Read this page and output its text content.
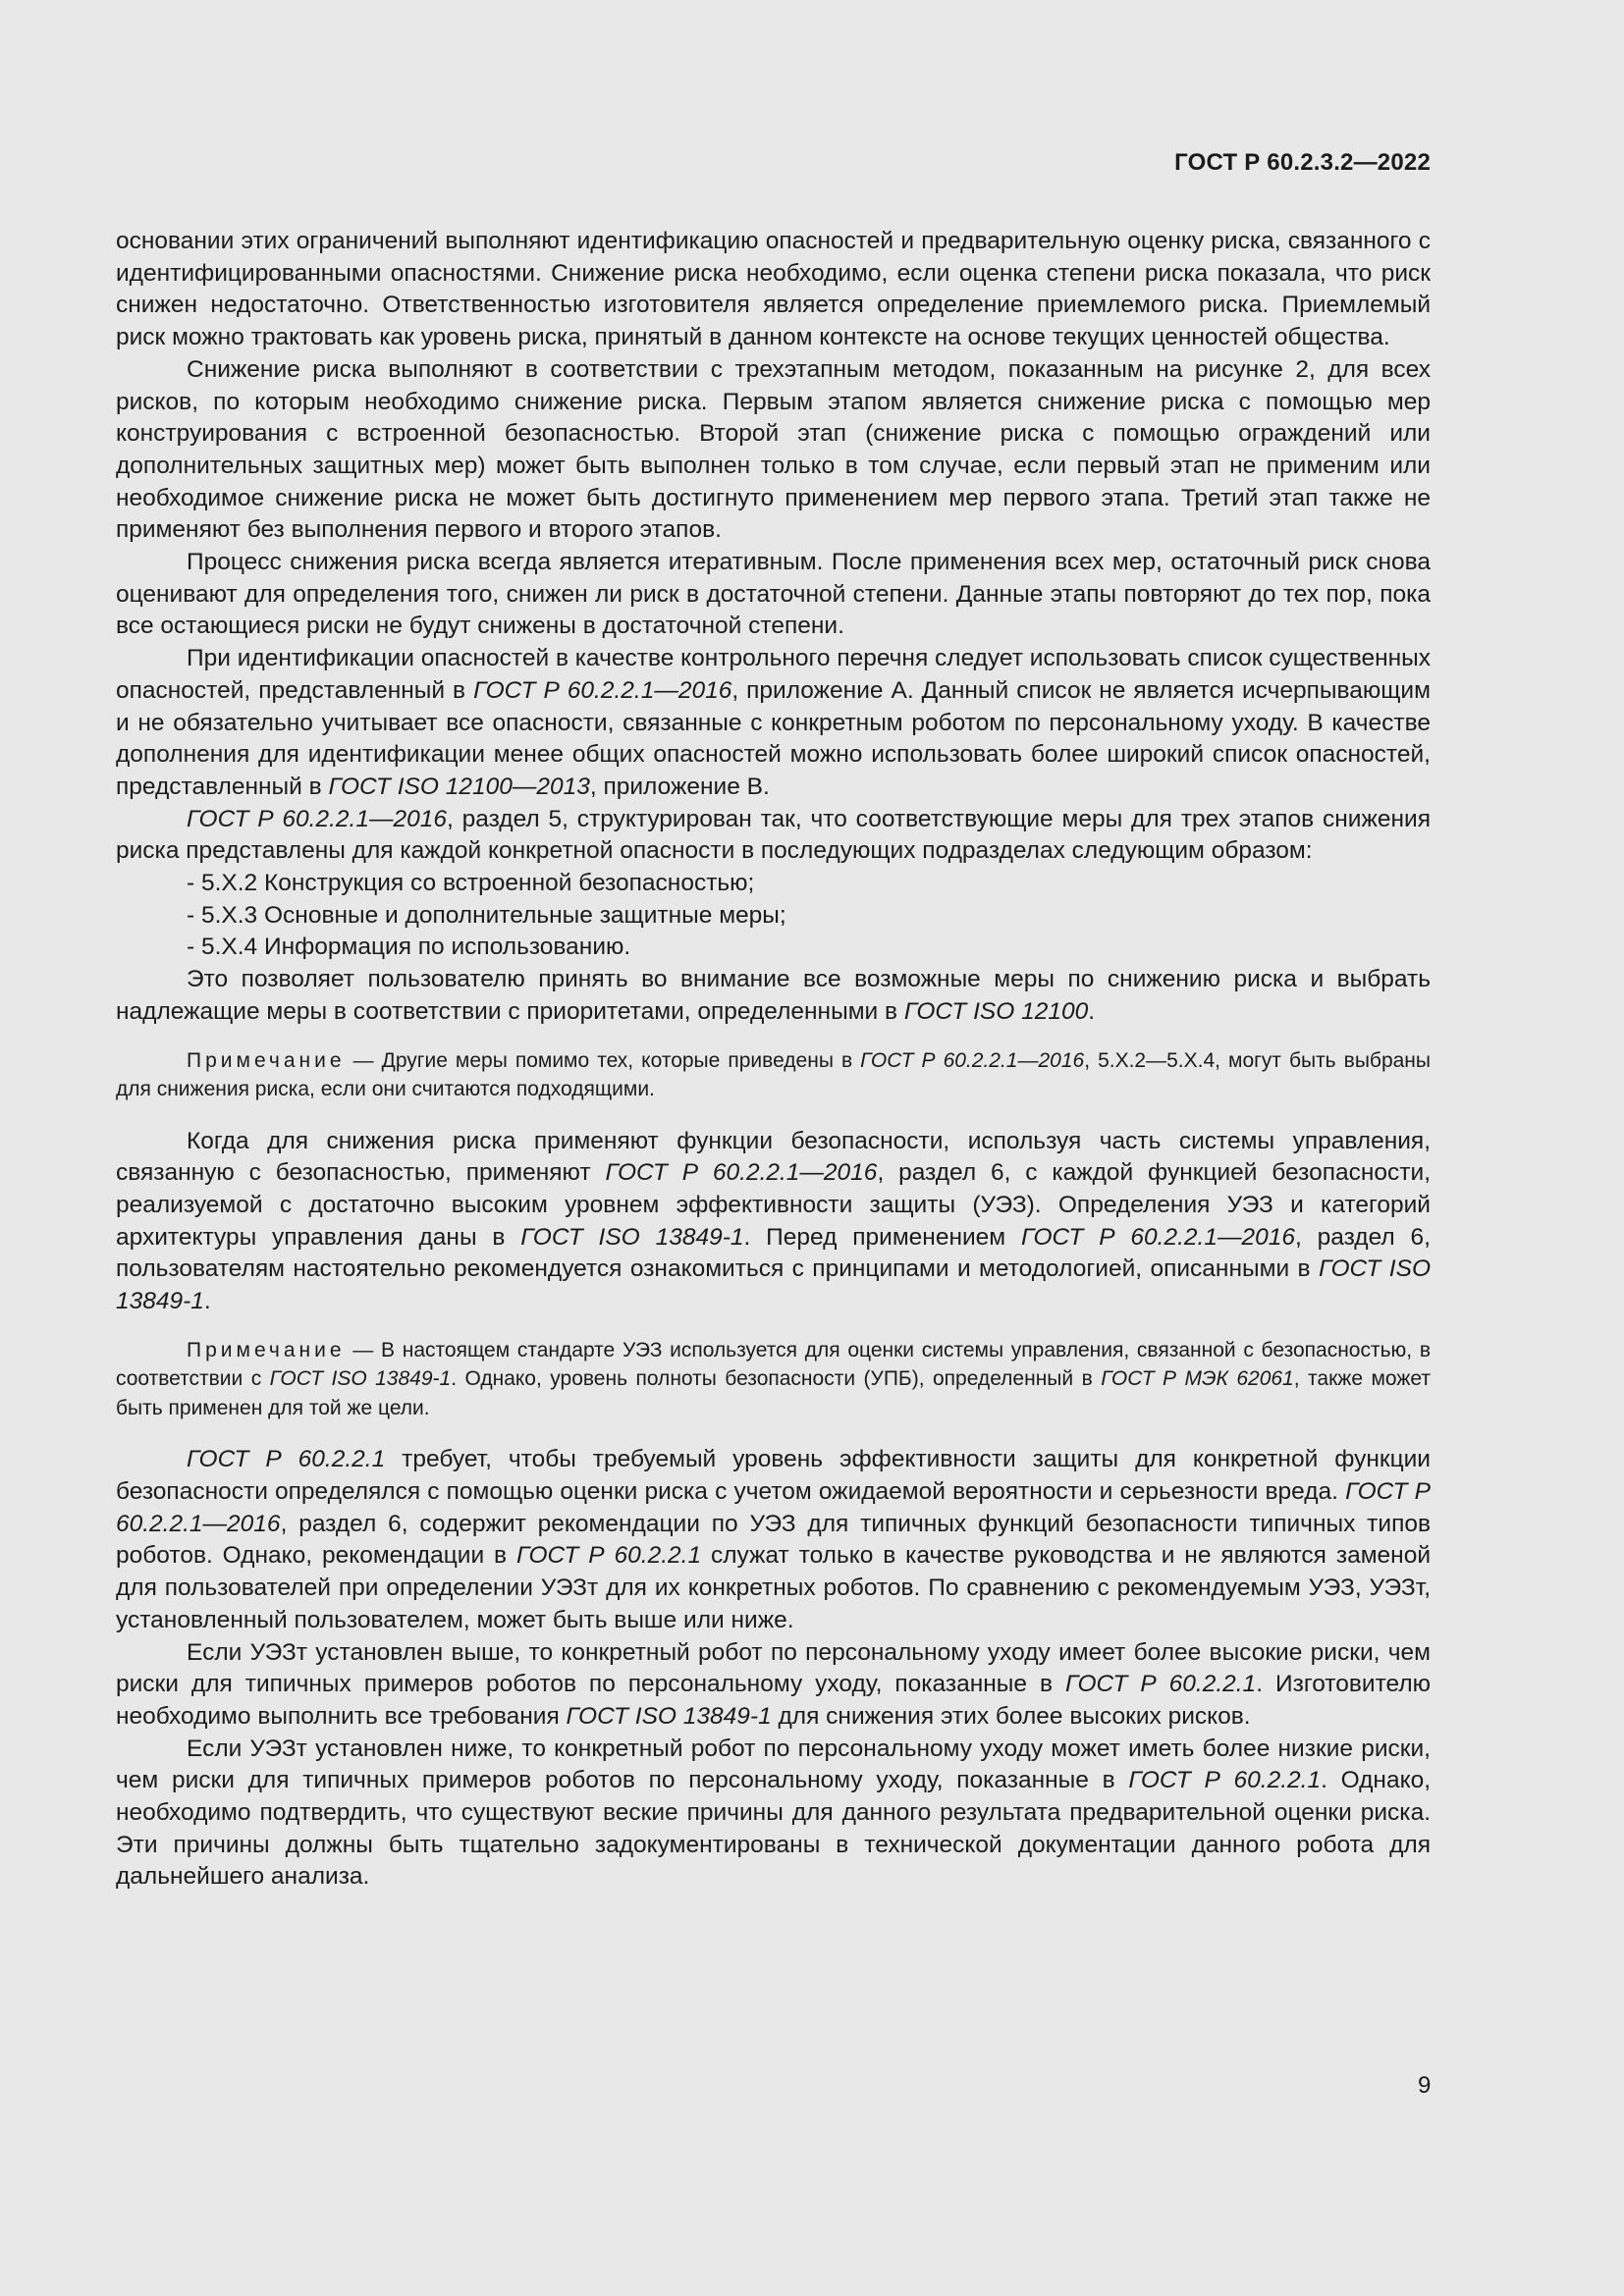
ГОСТ Р 60.2.3.2—2022

основании этих ограничений выполняют идентификацию опасностей и предварительную оценку риска, связанного с идентифицированными опасностями. Снижение риска необходимо, если оценка степени риска показала, что риск снижен недостаточно. Ответственностью изготовителя является определение приемлемого риска. Приемлемый риск можно трактовать как уровень риска, принятый в данном контексте на основе текущих ценностей общества.

Снижение риска выполняют в соответствии с трехэтапным методом, показанным на рисунке 2, для всех рисков, по которым необходимо снижение риска. Первым этапом является снижение риска с помощью мер конструирования с встроенной безопасностью. Второй этап (снижение риска с помощью ограждений или дополнительных защитных мер) может быть выполнен только в том случае, если первый этап не применим или необходимое снижение риска не может быть достигнуто применением мер первого этапа. Третий этап также не применяют без выполнения первого и второго этапов.

Процесс снижения риска всегда является итеративным. После применения всех мер, остаточный риск снова оценивают для определения того, снижен ли риск в достаточной степени. Данные этапы повторяют до тех пор, пока все остающиеся риски не будут снижены в достаточной степени.

При идентификации опасностей в качестве контрольного перечня следует использовать список существенных опасностей, представленный в ГОСТ Р 60.2.2.1—2016, приложение А. Данный список не является исчерпывающим и не обязательно учитывает все опасности, связанные с конкретным роботом по персональному уходу. В качестве дополнения для идентификации менее общих опасностей можно использовать более широкий список опасностей, представленный в ГОСТ ISO 12100—2013, приложение В.

ГОСТ Р 60.2.2.1—2016, раздел 5, структурирован так, что соответствующие меры для трех этапов снижения риска представлены для каждой конкретной опасности в последующих подразделах следующим образом:

- 5.X.2 Конструкция со встроенной безопасностью;

- 5.X.3 Основные и дополнительные защитные меры;

- 5.X.4 Информация по использованию.

Это позволяет пользователю принять во внимание все возможные меры по снижению риска и выбрать надлежащие меры в соответствии с приоритетами, определенными в ГОСТ ISO 12100.

Примечание — Другие меры помимо тех, которые приведены в ГОСТ Р 60.2.2.1—2016, 5.X.2—5.X.4, могут быть выбраны для снижения риска, если они считаются подходящими.

Когда для снижения риска применяют функции безопасности, используя часть системы управления, связанную с безопасностью, применяют ГОСТ Р 60.2.2.1—2016, раздел 6, с каждой функцией безопасности, реализуемой с достаточно высоким уровнем эффективности защиты (УЭЗ). Определения УЭЗ и категорий архитектуры управления даны в ГОСТ ISO 13849-1. Перед применением ГОСТ Р 60.2.2.1—2016, раздел 6, пользователям настоятельно рекомендуется ознакомиться с принципами и методологией, описанными в ГОСТ ISO 13849-1.

Примечание — В настоящем стандарте УЭЗ используется для оценки системы управления, связанной с безопасностью, в соответствии с ГОСТ ISO 13849-1. Однако, уровень полноты безопасности (УПБ), определенный в ГОСТ Р МЭК 62061, также может быть применен для той же цели.

ГОСТ Р 60.2.2.1 требует, чтобы требуемый уровень эффективности защиты для конкретной функции безопасности определялся с помощью оценки риска с учетом ожидаемой вероятности и серьезности вреда. ГОСТ Р 60.2.2.1—2016, раздел 6, содержит рекомендации по УЭЗ для типичных функций безопасности типичных типов роботов. Однако, рекомендации в ГОСТ Р 60.2.2.1 служат только в качестве руководства и не являются заменой для пользователей при определении УЭЗт для их конкретных роботов. По сравнению с рекомендуемым УЭЗ, УЭЗт, установленный пользователем, может быть выше или ниже.

Если УЭЗт установлен выше, то конкретный робот по персональному уходу имеет более высокие риски, чем риски для типичных примеров роботов по персональному уходу, показанные в ГОСТ Р 60.2.2.1. Изготовителю необходимо выполнить все требования ГОСТ ISO 13849-1 для снижения этих более высоких рисков.

Если УЭЗт установлен ниже, то конкретный робот по персональному уходу может иметь более низкие риски, чем риски для типичных примеров роботов по персональному уходу, показанные в ГОСТ Р 60.2.2.1. Однако, необходимо подтвердить, что существуют веские причины для данного результата предварительной оценки риска. Эти причины должны быть тщательно задокументированы в технической документации данного робота для дальнейшего анализа.

9
